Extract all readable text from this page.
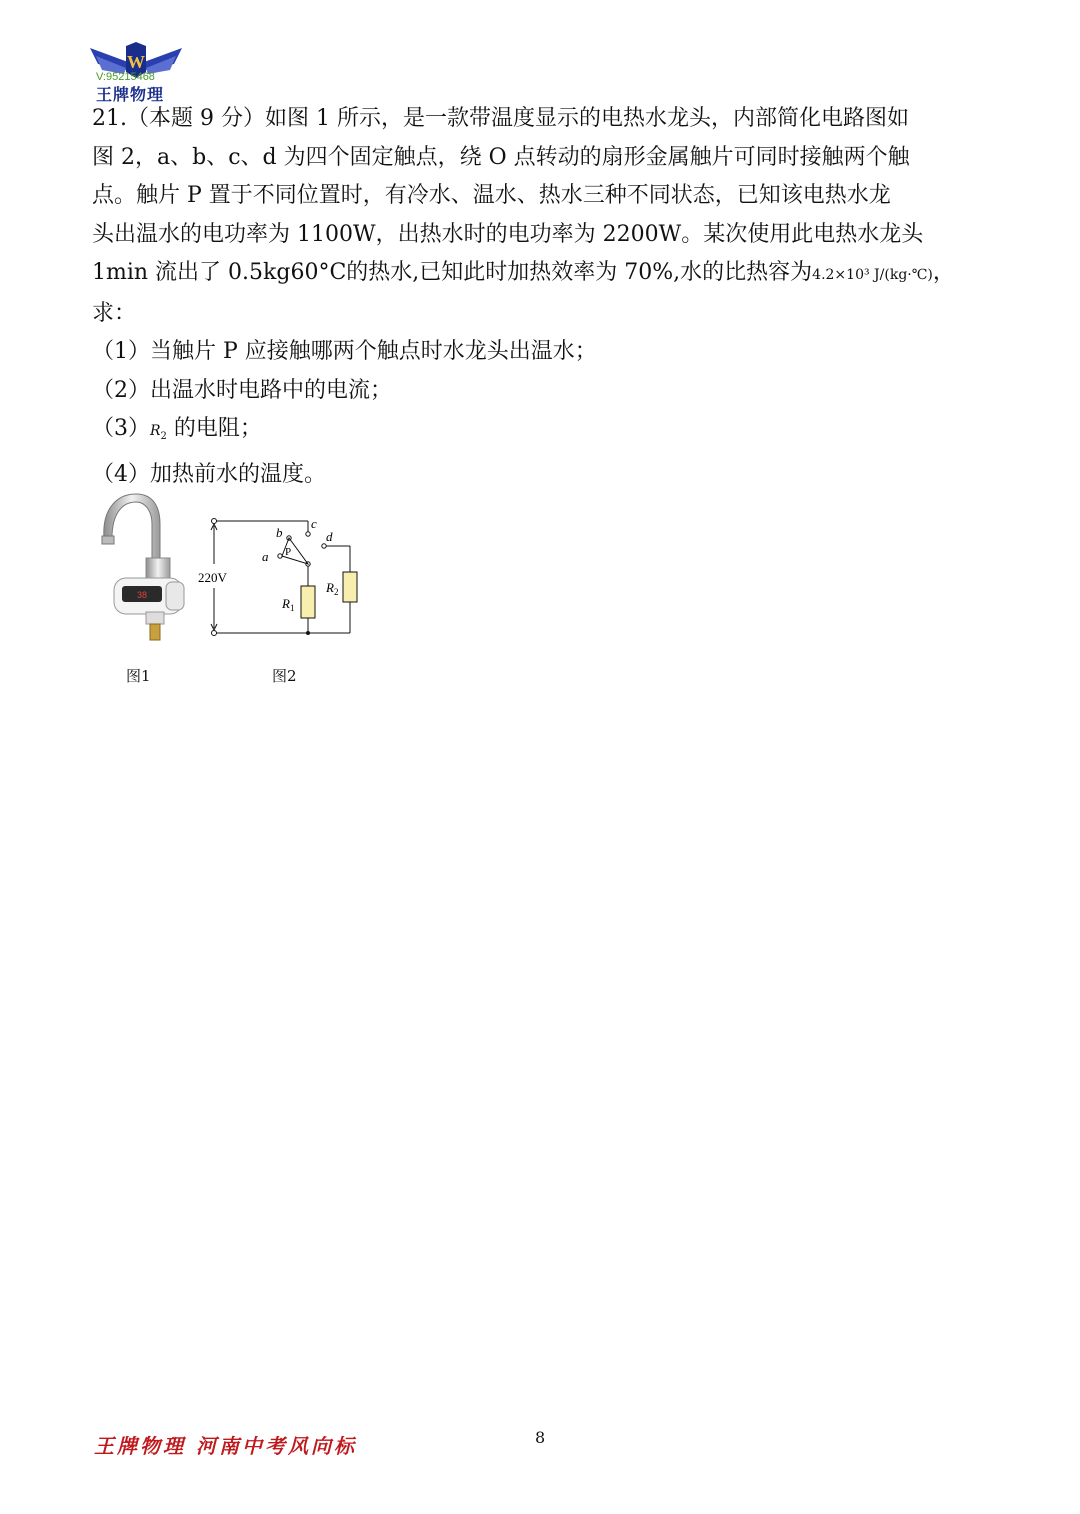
W
V:95215468
王牌物理
21.（本题 9 分）如图 1 所示，是一款带温度显示的电热水龙头，内部简化电路图如
图 2，a、b、c、d 为四个固定触点，绕 O 点转动的扇形金属触片可同时接触两个触
点。触片 P 置于不同位置时，有冷水、温水、热水三种不同状态，已知该电热水龙
头出温水的电功率为 1100W，出热水时的电功率为 2200W。某次使用此电热水龙头
1min 流出了 0.5kg60°C的热水,已知此时加热效率为 70%,水的比热容为4.2×10³ J/(kg·℃)，
求：
（1）当触片 P 应接触哪两个触点时水龙头出温水；
（2）出温水时电路中的电流；
$(3)R_2$ 的电阻；
（4）加热前水的温度。
38
220V
b
c
d
a P
$R_2$
$R_1$
图1	图2
王牌物理 河南中考风向标	8
